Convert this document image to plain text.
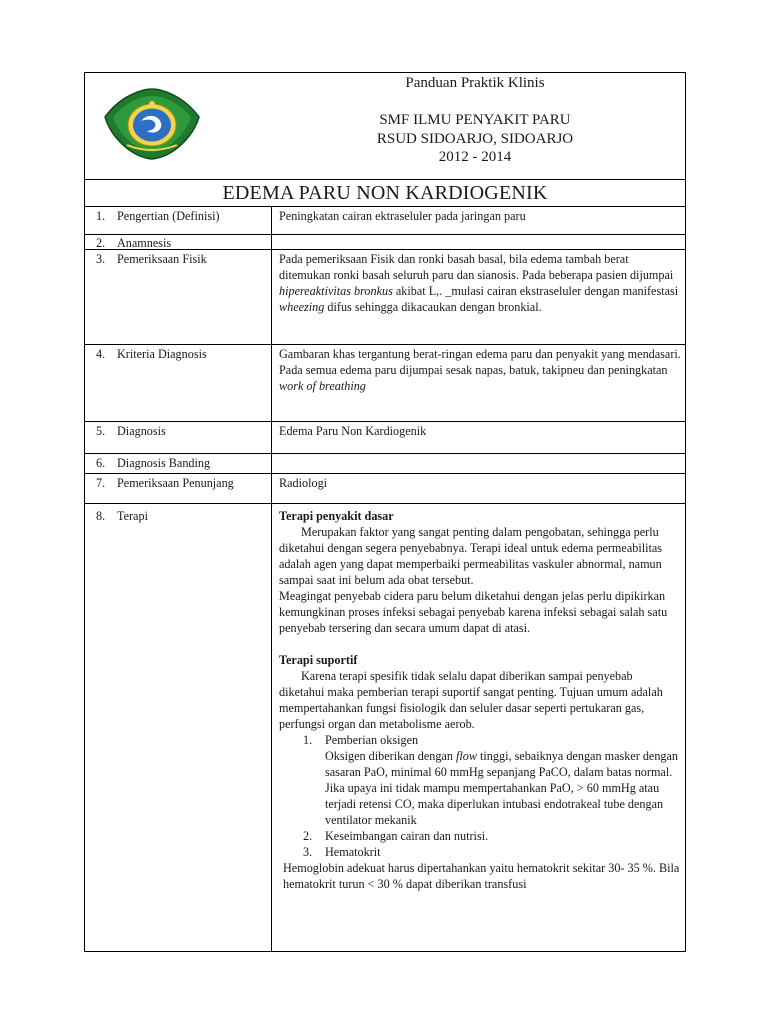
Panduan Praktik Klinis
SMF ILMU PENYAKIT PARU
RSUD SIDOARJO, SIDOARJO
2012 - 2014
EDEMA PARU NON KARDIOGENIK
1. Pengertian (Definisi)	Peningkatan cairan ektraseluler pada jaringan paru
2. Anamnesis
3. Pemeriksaan Fisik	Pada pemeriksaan Fisik dan ronki basah basal, bila edema tambah berat ditemukan ronki basah seluruh paru dan sianosis. Pada beberapa pasien dijumpai hipereaktivitas bronkus akibat L,. _mulasi cairan ekstraseluler dengan manifestasi wheezing difus sehingga dikacaukan dengan bronkial.
4. Kriteria Diagnosis	Gambaran khas tergantung berat-ringan edema paru dan penyakit yang mendasari. Pada semua edema paru dijumpai sesak napas, batuk, takipneu dan peningkatan work of breathing
5. Diagnosis	Edema Paru Non Kardiogenik
6. Diagnosis Banding
7. Pemeriksaan Penunjang	Radiologi
8. Terapi	Terapi penyakit dasar

Merupakan faktor yang sangat penting dalam pengobatan, sehingga perlu diketahui dengan segera penyebabnya. Terapi ideal untuk edema permeabilitas adalah agen yang dapat memperbaiki permeabilitas vaskuler abnormal, namun sampai saat ini belum ada obat tersebut.

Meagingat penyebab cidera paru belum diketahui dengan jelas perlu dipikirkan kemungkinan proses infeksi sebagai penyebab karena infeksi sebagai salah satu penyebab tersering dan secara umum dapat di atasi.

Terapi suportif

Karena terapi spesifik tidak selalu dapat diberikan sampai penyebab diketahui maka pemberian terapi suportif sangat penting. Tujuan umum adalah mempertahankan fungsi fisiologik dan seluler dasar seperti pertukaran gas, perfungsi organ dan metabolisme aerob.

1. Pemberian oksigen
Oksigen diberikan dengan flow tinggi, sebaiknya dengan masker dengan sasaran PaO, minimal 60 mmHg sepanjang PaCO, dalam batas normal. Jika upaya ini tidak mampu mempertahankan PaO, > 60 mmHg atau terjadi retensi CO, maka diperlukan intubasi endotrakeal tube dengan ventilator mekanik
2. Keseimbangan cairan dan nutrisi.
3. Hematokrit

Hemoglobin adekuat harus dipertahankan yaitu hematokrit sekitar 30- 35 %. Bila hematokrit turun < 30 % dapat diberikan transfusi
